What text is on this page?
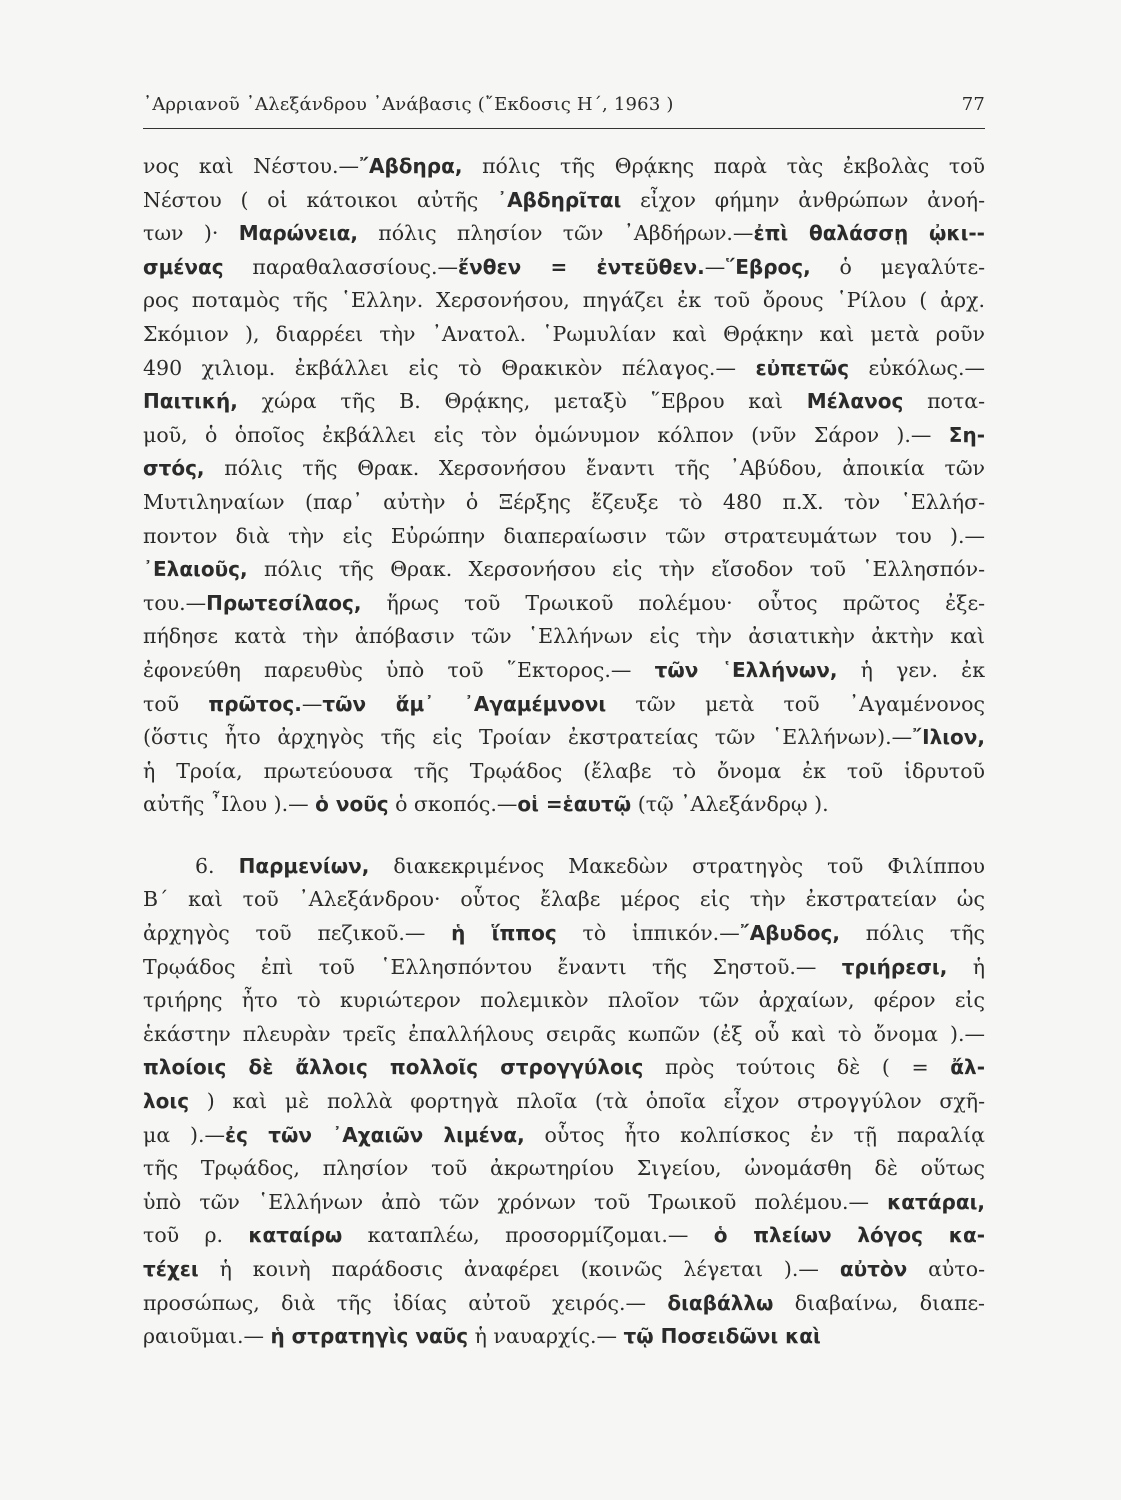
᾿Αρριανοῦ ᾿Αλεξάνδρου ᾿Ανάβασις (῎Εκδοσις Η΄, 1963 )	77
νος καὶ Νέστου.—῎Αβδηρα, πόλις τῆς Θρᾴκης παρὰ τὰς ἐκβολὰς τοῦ
Νέστου ( οἱ κάτοικοι αὐτῆς ᾿Αβδηρῖται εἶχον φήμην ἀνθρώπων ἀνοή-
των )· Μαρώνεια, πόλις πλησίον τῶν ᾿Αβδήρων.—ἐπὶ θαλάσσῃ ᾠκι--
σμένας παραθαλασσίους.—ἔνθεν = ἐντεῦθεν.—῞Εβρος, ὁ μεγαλύτε-
ρος ποταμὸς τῆς ῾Ελλην. Χερσονήσου, πηγάζει ἐκ τοῦ ὄρους ῾Ρίλου ( ἀρχ.
Σκόμιον ), διαρρέει τὴν ᾿Ανατολ. ῾Ρωμυλίαν καὶ Θρᾴκην καὶ μετὰ ροῦν
490 χιλιομ. ἐκβάλλει εἰς τὸ Θρακικὸν πέλαγος.— εὐπετῶς εὐκόλως.—
Παιτική, χώρα τῆς Β. Θρᾴκης, μεταξὺ ῞Εβρου καὶ Μέλανος ποτα-
μοῦ, ὁ ὁποῖος ἐκβάλλει εἰς τὸν ὁμώνυμον κόλπον (νῦν Σάρον ).— Ση-
στός, πόλις τῆς Θρακ. Χερσονήσου ἔναντι τῆς ᾿Αβύδου, ἀποικία τῶν
Μυτιληναίων (παρ᾽ αὐτὴν ὁ Ξέρξης ἔζευξε τὸ 480 π.Χ. τὸν ῾Ελλήσ-
ποντον διὰ τὴν εἰς Εὐρώπην διαπεραίωσιν τῶν στρατευμάτων του ).—
᾿Ελαιοῦς, πόλις τῆς Θρακ. Χερσονήσου εἰς τὴν εἴσοδον τοῦ ῾Ελλησπόν-
του.—Πρωτεσίλαος, ἥρως τοῦ Τρωικοῦ πολέμου· οὗτος πρῶτος ἐξε-
πήδησε κατὰ τὴν ἀπόβασιν τῶν ῾Ελλήνων εἰς τὴν ἀσιατικὴν ἀκτὴν καὶ
ἐφονεύθη παρευθὺς ὑπὸ τοῦ ῞Εκτορος.— τῶν ῾Ελλήνων, ἡ γεν. ἐκ
τοῦ πρῶτος.—τῶν ἅμ᾽ ᾿Αγαμέμνονι τῶν μετὰ τοῦ ᾿Αγαμένονος
(ὅστις ἦτο ἀρχηγὸς τῆς εἰς Τροίαν ἐκστρατείας τῶν ῾Ελλήνων).—῎Ιλιον,
ἡ Τροία, πρωτεύουσα τῆς Τρῳάδος (ἔλαβε τὸ ὄνομα ἐκ τοῦ ἱδρυτοῦ
αὐτῆς ῏Ιλου ).— ὁ νοῦς ὁ σκοπός.—οἱ =ἑαυτῷ (τῷ ᾿Αλεξάνδρῳ ).
6. Παρμενίων, διακεκριμένος Μακεδὼν στρατηγὸς τοῦ Φιλίππου
Β΄ καὶ τοῦ ᾿Αλεξάνδρου· οὗτος ἔλαβε μέρος εἰς τὴν ἐκστρατείαν ὡς
ἀρχηγὸς τοῦ πεζικοῦ.— ἡ ἵππος τὸ ἱππικόν.—῎Αβυδος, πόλις τῆς
Τρῳάδος ἐπὶ τοῦ ῾Ελλησπόντου ἔναντι τῆς Σηστοῦ.— τριήρεσι, ἡ
τριήρης ἦτο τὸ κυριώτερον πολεμικὸν πλοῖον τῶν ἀρχαίων, φέρον εἰς
ἑκάστην πλευρὰν τρεῖς ἐπαλλήλους σειρᾶς κωπῶν (ἐξ οὗ καὶ τὸ ὄνομα ).—
πλοίοις δὲ ἄλλοις πολλοῖς στρογγύλοις πρὸς τούτοις δὲ ( = ἄλ-
λοις ) καὶ μὲ πολλὰ φορτηγὰ πλοῖα (τὰ ὁποῖα εἶχον στρογγύλον σχῆ-
μα ).—ἐς τῶν ᾿Αχαιῶν λιμένα, οὗτος ἦτο κολπίσκος ἐν τῇ παραλίᾳ
τῆς Τρῳάδος, πλησίον τοῦ ἀκρωτηρίου Σιγείου, ὠνομάσθη δὲ οὕτως
ὑπὸ τῶν ῾Ελλήνων ἀπὸ τῶν χρόνων τοῦ Τρωικοῦ πολέμου.— κατάραι,
τοῦ ρ. καταίρω καταπλέω, προσορμίζομαι.— ὁ πλείων λόγος κα-
τέχει ἡ κοινὴ παράδοσις ἀναφέρει (κοινῶς λέγεται ).— αὐτὸν αὐτο-
προσώπως, διὰ τῆς ἰδίας αὐτοῦ χειρός.— διαβάλλω διαβαίνω, διαπε-
ραιοῦμαι.— ἡ στρατηγὶς ναῦς ἡ ναυαρχίς.— τῷ Ποσειδῶνι καὶ
